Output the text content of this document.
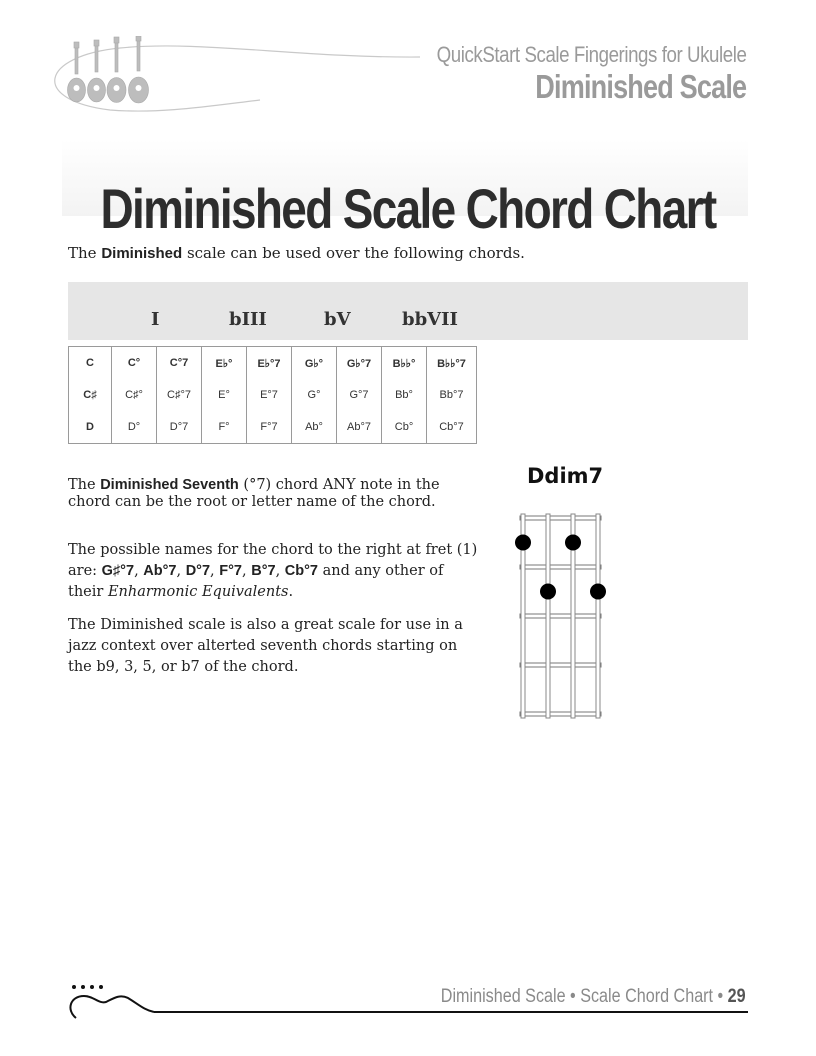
QuickStart Scale Fingerings for Ukulele
Diminished Scale
Diminished Scale Chord Chart
The Diminished scale can be used over the following chords.
I	bIII	bV	bbVII
C	C°	C°7	E♭°	E♭°7	G♭°	G♭°7	B♭♭°	B♭♭°7
C♯	C♯°	C♯°7	E°	E°7	G°	G°7	Bb°	Bb°7
D	D°	D°7	F°	F°7	Ab°	Ab°7	Cb°	Cb°7
The Diminished Seventh (°7) chord ANY note in the chord can be the root or letter name of the chord.
The possible names for the chord to the right at fret (1) are: G♯°7, Ab°7, D°7, F°7, B°7, Cb°7 and any other of their Enharmonic Equivalents.
The Diminished scale is also a great scale for use in a jazz context over alterted seventh chords starting on the b9, 3, 5, or b7 of the chord.
Ddim7
Diminished Scale • Scale Chord Chart • 29
